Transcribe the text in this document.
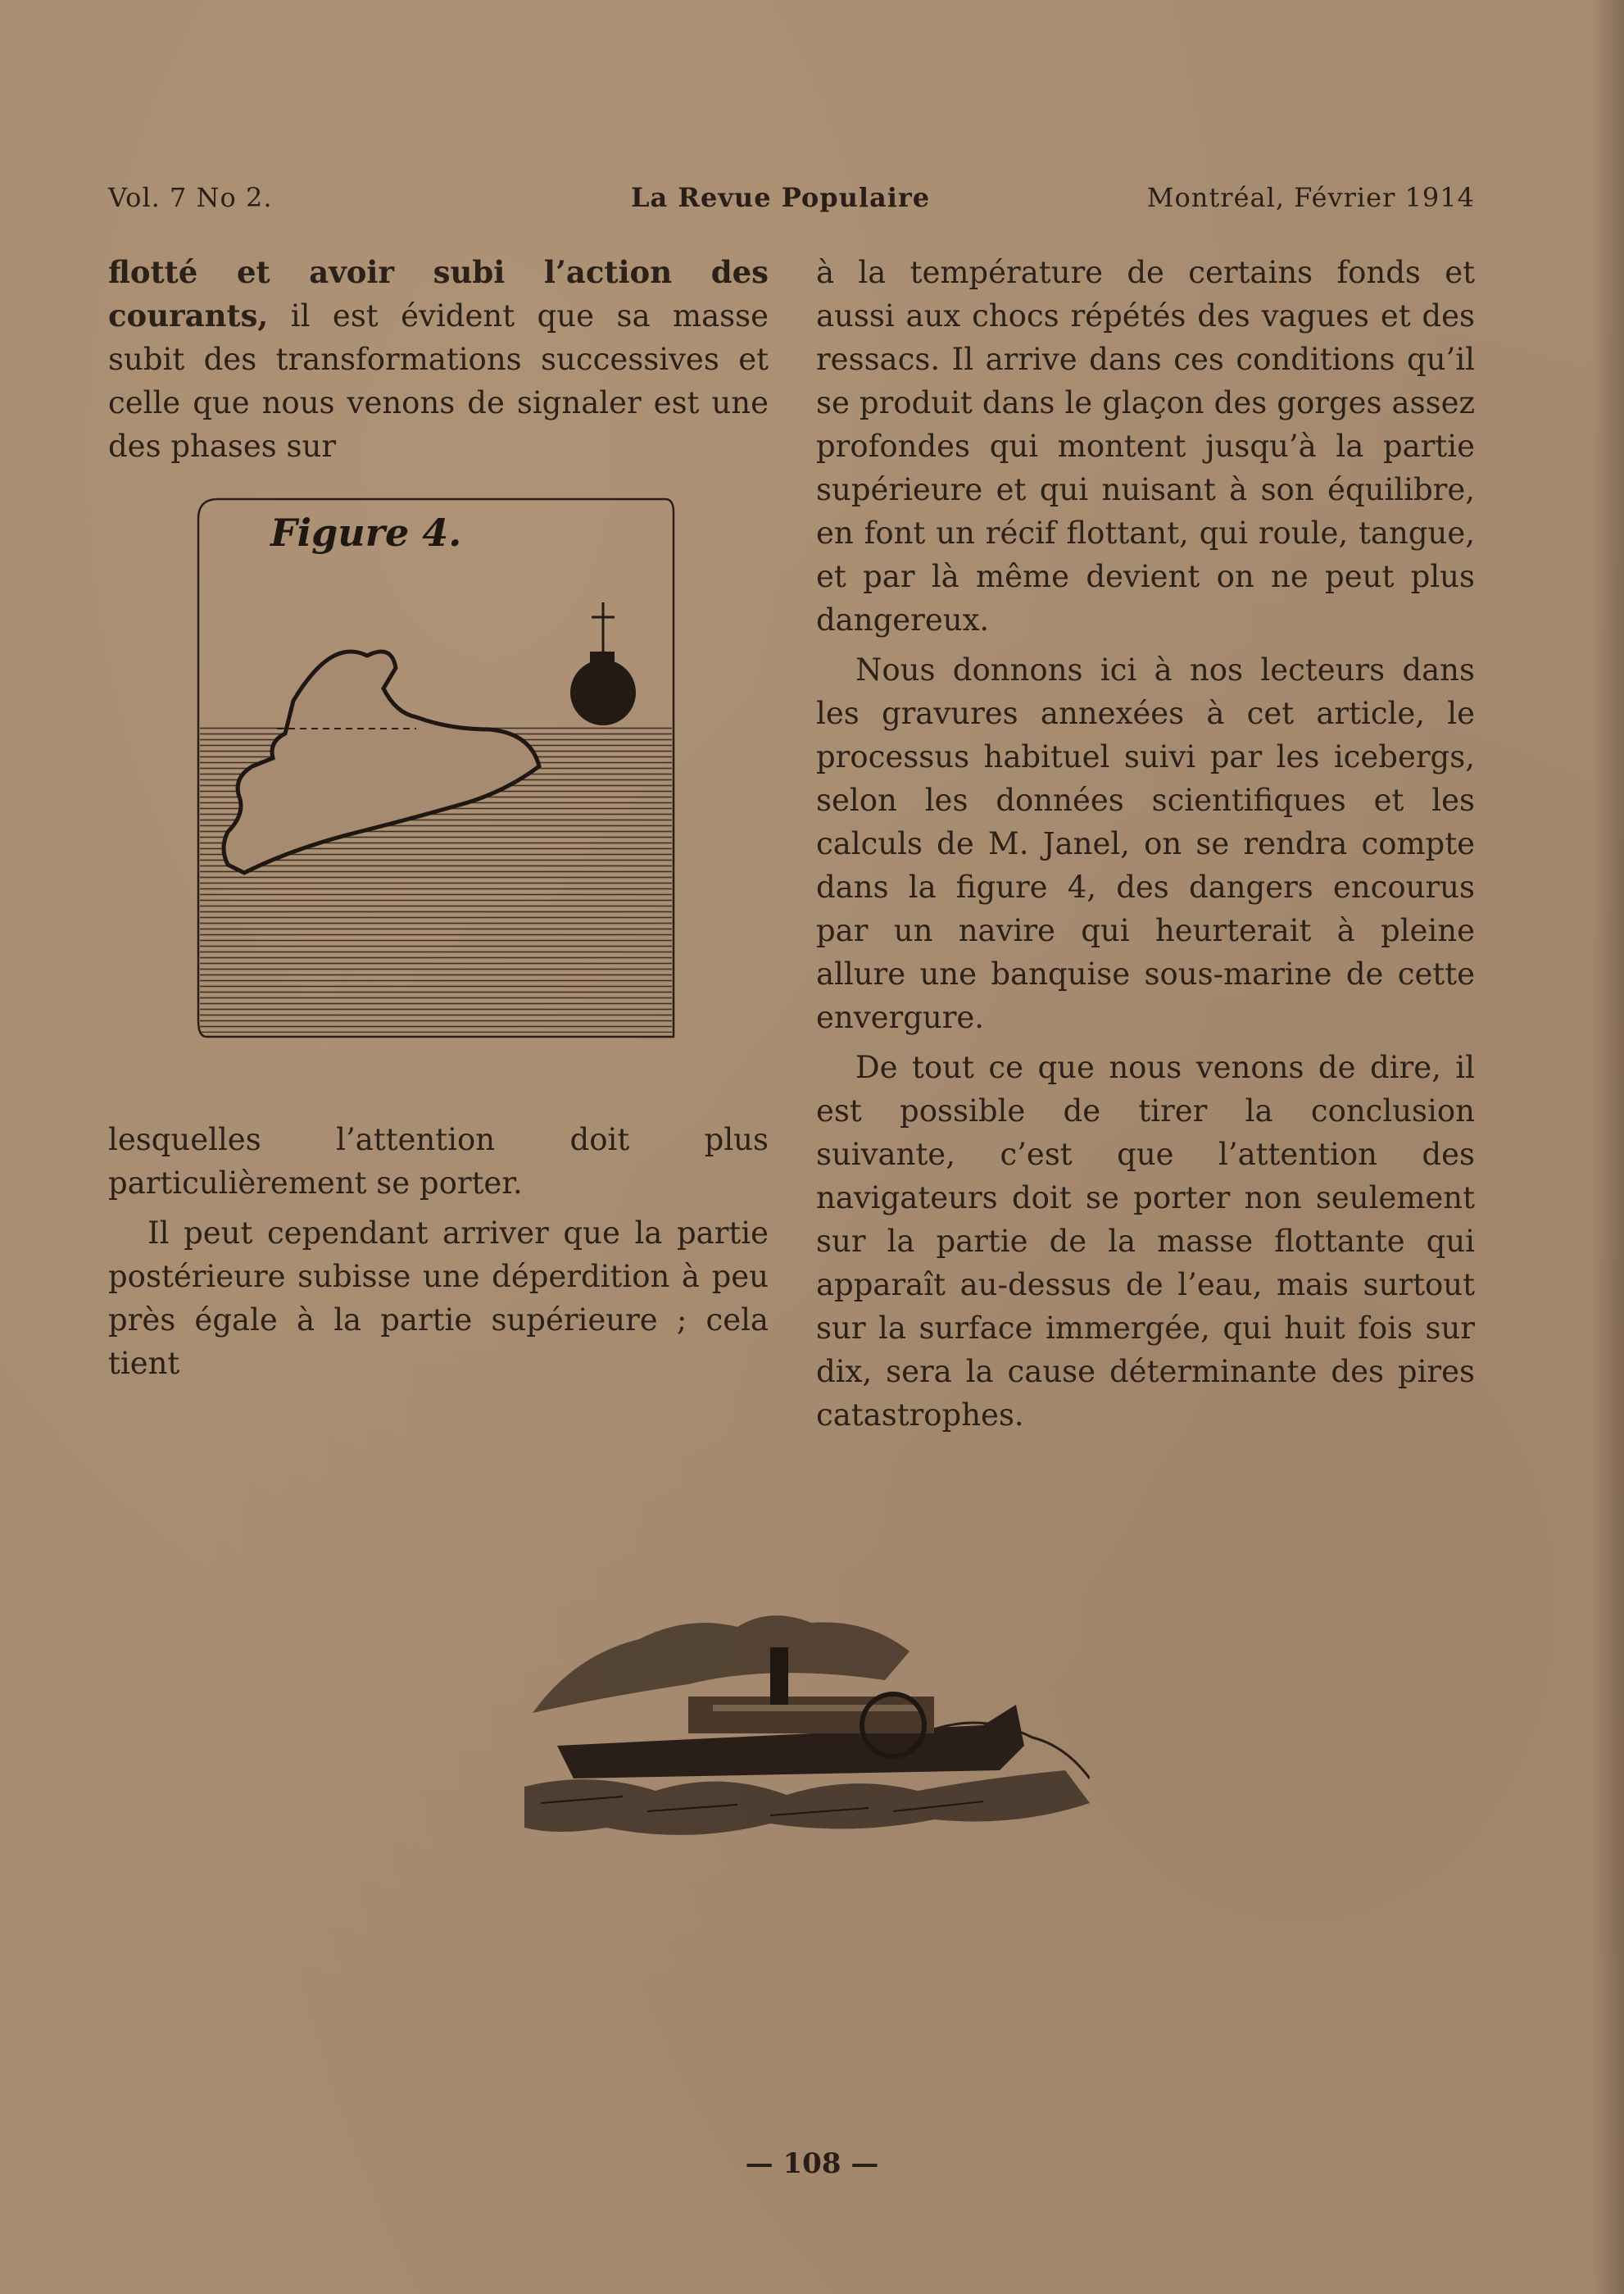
Vol. 7 No 2.	La Revue Populaire	Montréal, Février 1914

flotté et avoir subi l’action des courants, il est évident que sa masse subit des transformations successives et celle que nous venons de signaler est une des phases sur

Figure 4.

lesquelles l’attention doit plus particulièrement se porter.

Il peut cependant arriver que la partie postérieure subisse une déperdition à peu près égale à la partie supérieure ; cela tient

à la température de certains fonds et aussi aux chocs répétés des vagues et des ressacs. Il arrive dans ces conditions qu’il se produit dans le glaçon des gorges assez profondes qui montent jusqu’à la partie supérieure et qui nuisant à son équilibre, en font un récif flottant, qui roule, tangue, et par là même devient on ne peut plus dangereux.

Nous donnons ici à nos lecteurs dans les gravures annexées à cet article, le processus habituel suivi par les icebergs, selon les données scientifiques et les calculs de M. Janel, on se rendra compte dans la figure 4, des dangers encourus par un navire qui heurterait à pleine allure une banquise sous-marine de cette envergure.

De tout ce que nous venons de dire, il est possible de tirer la conclusion suivante, c’est que l’attention des navigateurs doit se porter non seulement sur la partie de la masse flottante qui apparaît au-dessus de l’eau, mais surtout sur la surface immergée, qui huit fois sur dix, sera la cause déterminante des pires catastrophes.

— 108 —
